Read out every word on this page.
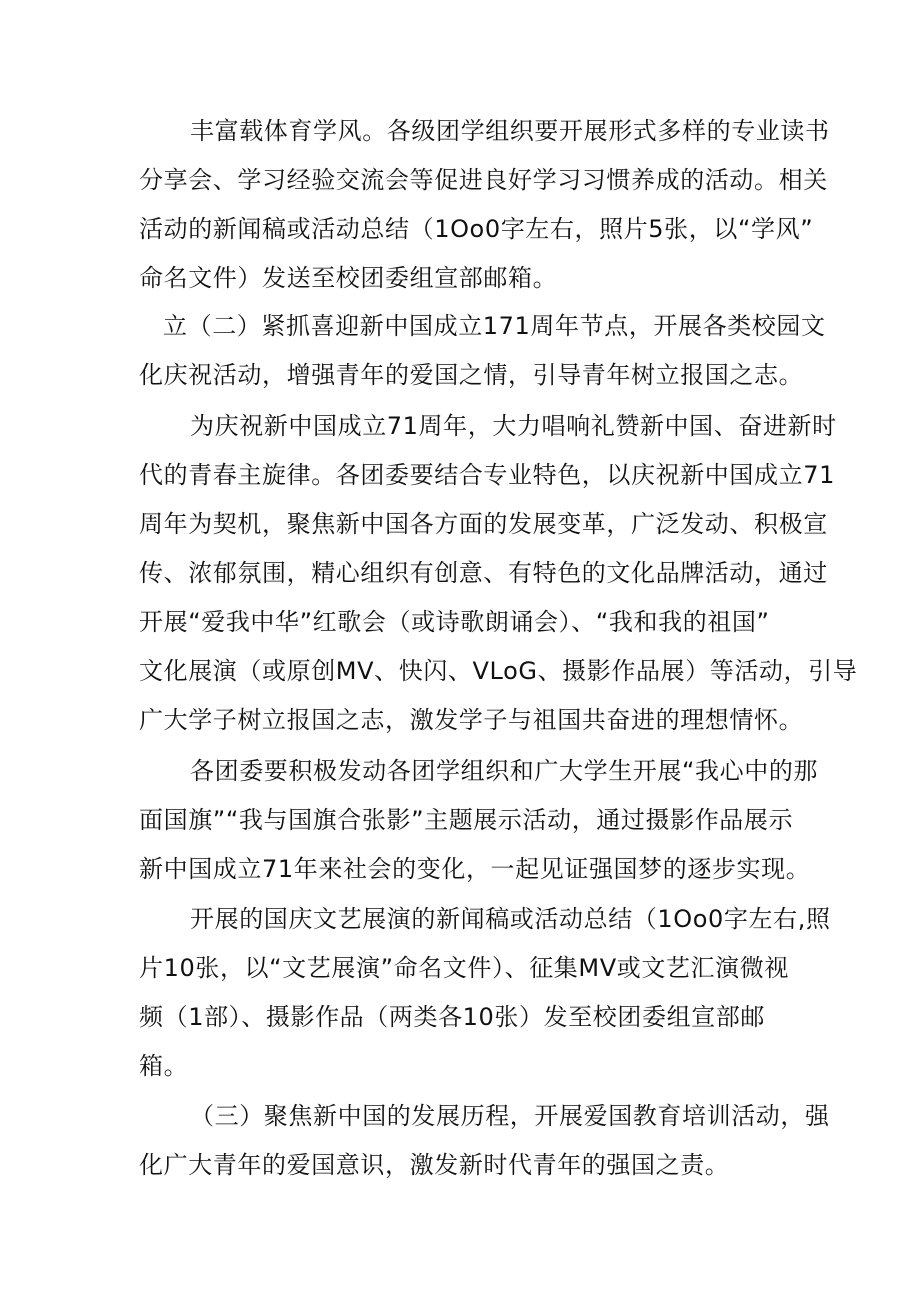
丰富载体育学风。各级团学组织要开展形式多样的专业读书
分享会、学习经验交流会等促进良好学习习惯养成的活动。相关
活动的新闻稿或活动总结（1Oo0字左右，照片5张，以“学风”
命名文件）发送至校团委组宣部邮箱。
立（二）紧抓喜迎新中国成立171周年节点，开展各类校园文
化庆祝活动，增强青年的爱国之情，引导青年树立报国之志。
为庆祝新中国成立71周年，大力唱响礼赞新中国、奋进新时
代的青春主旋律。各团委要结合专业特色，以庆祝新中国成立71
周年为契机，聚焦新中国各方面的发展变革，广泛发动、积极宣
传、浓郁氛围，精心组织有创意、有特色的文化品牌活动，通过
开展“爱我中华”红歌会（或诗歌朗诵会）、“我和我的祖国”
文化展演（或原创MV、快闪、VLoG、摄影作品展）等活动，引导
广大学子树立报国之志，激发学子与祖国共奋进的理想情怀。
各团委要积极发动各团学组织和广大学生开展“我心中的那
面国旗”“我与国旗合张影”主题展示活动，通过摄影作品展示
新中国成立71年来社会的变化，一起见证强国梦的逐步实现。
开展的国庆文艺展演的新闻稿或活动总结（1Oo0字左右,照
片10张，以“文艺展演”命名文件）、征集MV或文艺汇演微视
频（1部）、摄影作品（两类各10张）发至校团委组宣部邮
箱。
（三）聚焦新中国的发展历程，开展爱国教育培训活动，强
化广大青年的爱国意识，激发新时代青年的强国之责。
